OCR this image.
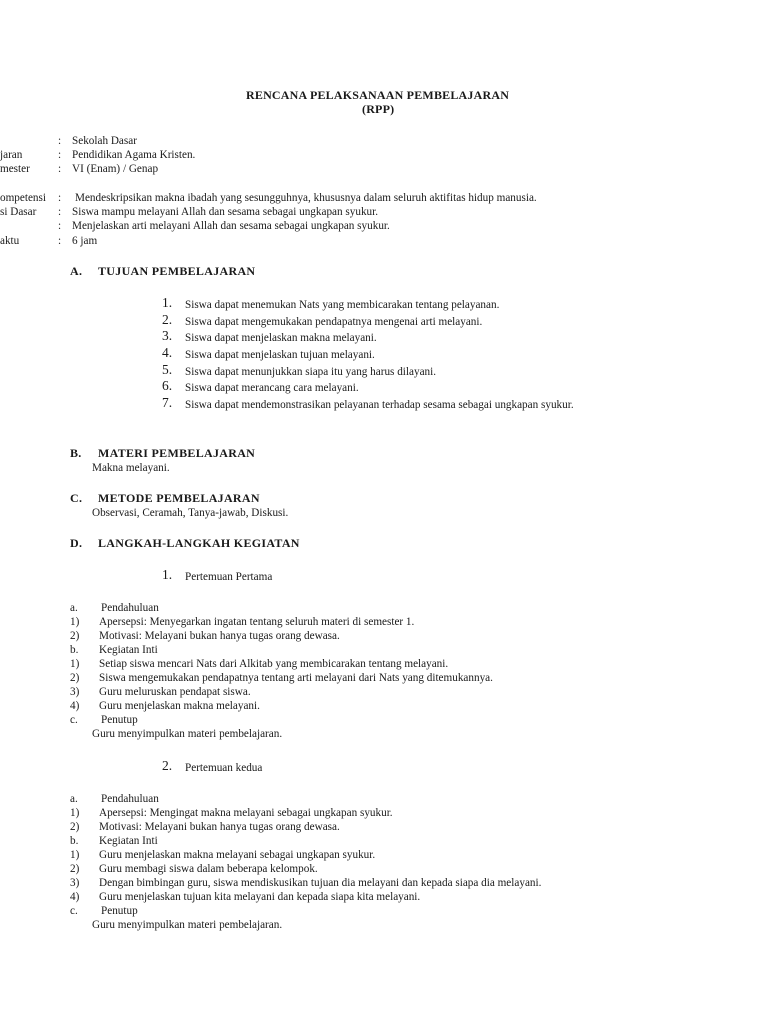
RENCANA PELAKSANAAN PEMBELAJARAN
(RPP)
: Sekolah Dasar
jaran	: Pendidikan Agama Kristen.
mester	: VI (Enam) / Genap
ompetensi : Mendeskripsikan makna ibadah yang sesungguhnya, khususnya dalam seluruh aktifitas hidup manusia.
si Dasar : Siswa mampu melayani Allah dan sesama sebagai ungkapan syukur.
: Menjelaskan arti melayani Allah dan sesama sebagai ungkapan syukur.
aktu	: 6 jam
A. TUJUAN PEMBELAJARAN
1. Siswa dapat menemukan Nats yang membicarakan tentang pelayanan.
2. Siswa dapat mengemukakan pendapatnya mengenai arti melayani.
3. Siswa dapat menjelaskan makna melayani.
4. Siswa dapat menjelaskan tujuan melayani.
5. Siswa dapat menunjukkan siapa itu yang harus dilayani.
6. Siswa dapat merancang cara melayani.
7. Siswa dapat mendemonstrasikan pelayanan terhadap sesama sebagai ungkapan syukur.
B. MATERI PEMBELAJARAN
Makna melayani.
C. METODE PEMBELAJARAN
Observasi, Ceramah, Tanya-jawab, Diskusi.
D. LANGKAH-LANGKAH KEGIATAN
1. Pertemuan Pertama
a. Pendahuluan
1) Apersepsi: Menyegarkan ingatan tentang seluruh materi di semester 1.
2) Motivasi: Melayani bukan hanya tugas orang dewasa.
b. Kegiatan Inti
1) Setiap siswa mencari Nats dari Alkitab yang membicarakan tentang melayani.
2) Siswa mengemukakan pendapatnya tentang arti melayani dari Nats yang ditemukannya.
3) Guru meluruskan pendapat siswa.
4) Guru menjelaskan makna melayani.
c. Penutup
Guru menyimpulkan materi pembelajaran.
2. Pertemuan kedua
a. Pendahuluan
1) Apersepsi: Mengingat makna melayani sebagai ungkapan syukur.
2) Motivasi: Melayani bukan hanya tugas orang dewasa.
b. Kegiatan Inti
1) Guru menjelaskan makna melayani sebagai ungkapan syukur.
2) Guru membagi siswa dalam beberapa kelompok.
3) Dengan bimbingan guru, siswa mendiskusikan tujuan dia melayani dan kepada siapa dia melayani.
4) Guru menjelaskan tujuan kita melayani dan kepada siapa kita melayani.
c. Penutup
Guru menyimpulkan materi pembelajaran.
